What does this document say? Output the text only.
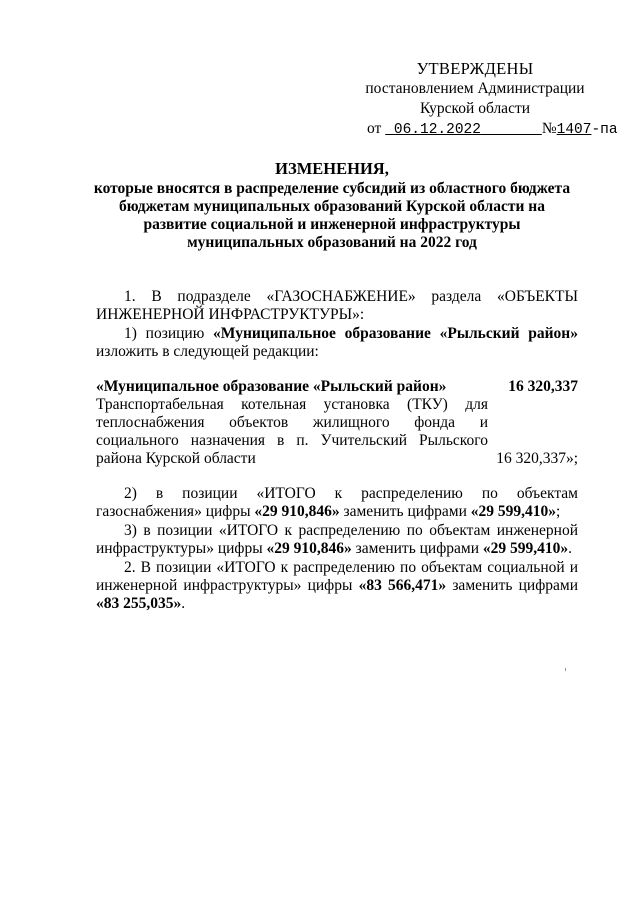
УТВЕРЖДЕНЫ
постановлением Администрации
Курской области
от 06.12.2022	№1407-па
ИЗМЕНЕНИЯ,
которые вносятся в распределение субсидий из областного бюджета
бюджетам муниципальных образований Курской области на
развитие социальной и инженерной инфраструктуры
муниципальных образований на 2022 год
1. В подразделе «ГАЗОСНАБЖЕНИЕ» раздела «ОБЪЕКТЫ ИНЖЕНЕРНОЙ ИНФРАСТРУКТУРЫ»:
1) позицию «Муниципальное образование «Рыльский район» изложить в следующей редакции:
«Муниципальное образование «Рыльский район»	16 320,337
Транспортабельная котельная установка (ТКУ) для теплоснабжения объектов жилищного фонда и социального назначения в п. Учительский Рыльского района Курской области	16 320,337»;
2) в позиции «ИТОГО к распределению по объектам газоснабжения» цифры «29 910,846» заменить цифрами «29 599,410»;
3) в позиции «ИТОГО к распределению по объектам инженерной инфраструктуры» цифры «29 910,846» заменить цифрами «29 599,410».
2. В позиции «ИТОГО к распределению по объектам социальной и инженерной инфраструктуры» цифры «83 566,471» заменить цифрами «83 255,035».
